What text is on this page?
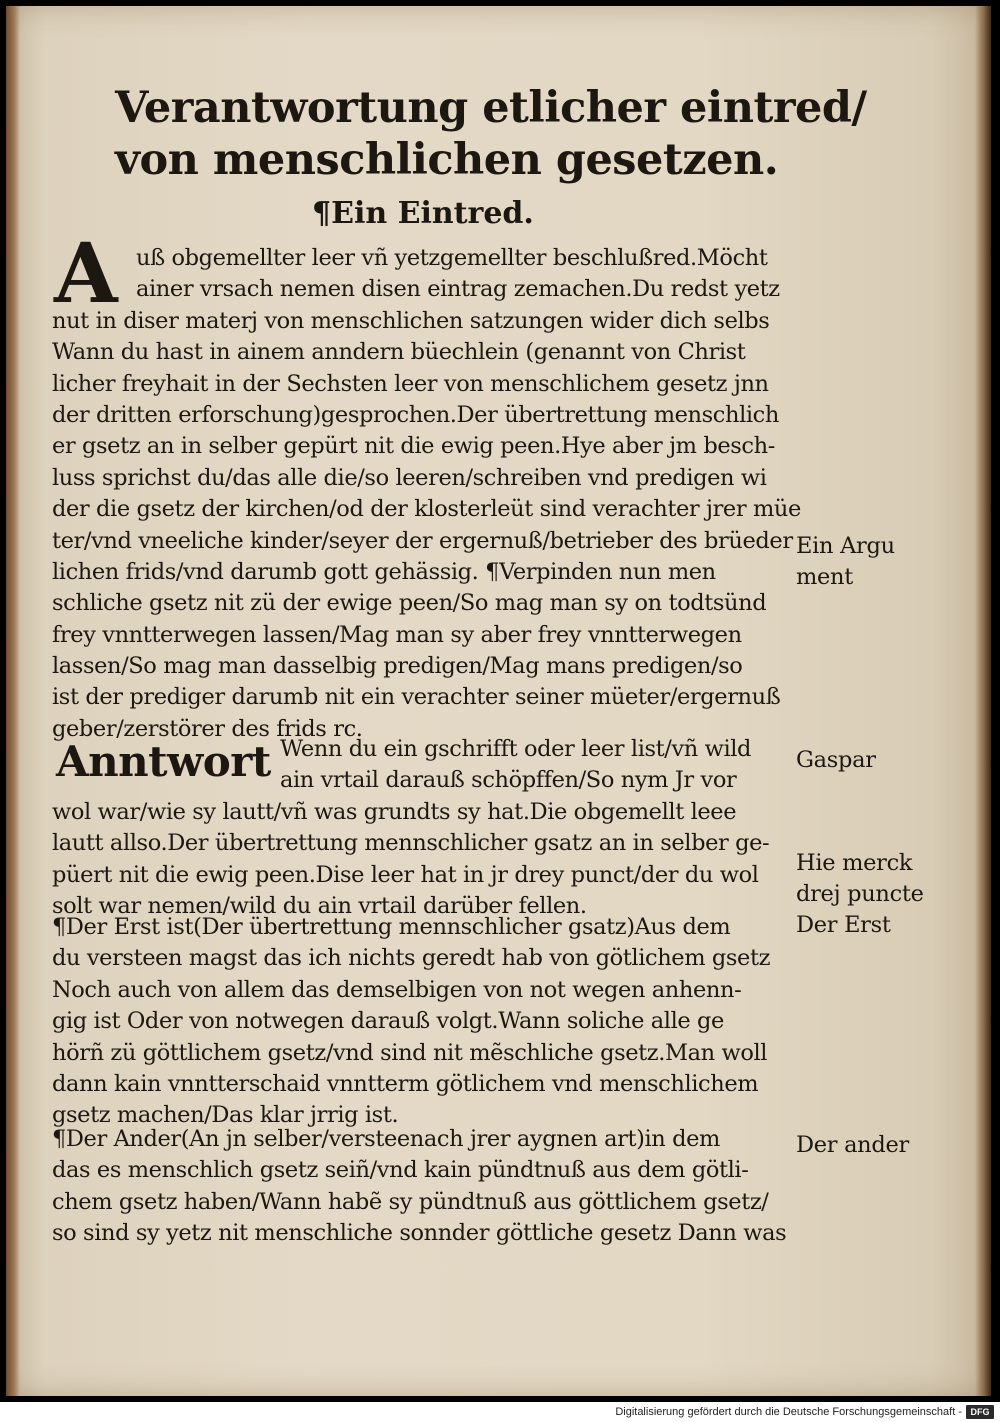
Verantwortung etlicher eintred/
von menschlichen gesetzen.
¶Ein Eintred.
A uß obgemellter leer vñ yetzgemellter beschlußred.Möcht
ainer vrsach nemen disen eintrag zemachen.Du redst yetz
nut in diser materj von menschlichen satzungen wider dich selbs
Wann du hast in ainem anndern büechlein (genannt von Christ
licher freyhait in der Sechsten leer von menschlichem gesetz jnn
der dritten erforschung)gesprochen.Der übertrettung menschlich
er gsetz an in selber gepürt nit die ewig peen.Hye aber jm besch-
luss sprichst du/das alle die/so leeren/schreiben vnd predigen wi
der die gsetz der kirchen/od der klosterleüt sind verachter jrer müe
ter/vnd vneeliche kinder/seyer der ergernuß/betrieber des brüeder
lichen frids/vnd darumb gott gehässig. ¶Verpinden nun men
schliche gsetz nit zü der ewige peen/So mag man sy on todtsünd
frey vnntterwegen lassen/Mag man sy aber frey vnntterwegen
lassen/So mag man dasselbig predigen/Mag mans predigen/so
ist der prediger darumb nit ein verachter seiner müeter/ergernuß
geber/zerstörer des frids rc.
Anntwort Wenn du ein gschrifft oder leer list/vñ wild
ain vrtail darauß schöpffen/So nym Jr vor
wol war/wie sy lautt/vñ was grundts sy hat.Die obgemellt leee
lautt allso.Der übertrettung mennschlicher gsatz an in selber ge-
püert nit die ewig peen.Dise leer hat in jr drey punct/der du wol
solt war nemen/wild du ain vrtail darüber fellen.
¶Der Erst ist(Der übertrettung mennschlicher gsatz)Aus dem
du versteen magst das ich nichts geredt hab von götlichem gsetz
Noch auch von allem das demselbigen von not wegen anhenn-
gig ist Oder von notwegen darauß volgt.Wann soliche alle ge
hörñ zü göttlichem gsetz/vnd sind nit mẽschliche gsetz.Man woll
dann kain vnntterschaid vnntterm götlichem vnd menschlichem
gsetz machen/Das klar jrrig ist.
¶Der Ander(An jn selber/versteenach jrer aygnen art)in dem
das es menschlich gsetz seiñ/vnd kain pündtnuß aus dem götli-
chem gsetz haben/Wann habẽ sy pündtnuß aus göttlichem gsetz/
so sind sy yetz nit menschliche sonnder göttliche gesetz Dann was
Ein Argu
ment
Gaspar
Hie merck
drej puncte
Der Erst
Der ander
Digitalisierung gefördert durch die Deutsche Forschungsgemeinschaft - DFG
